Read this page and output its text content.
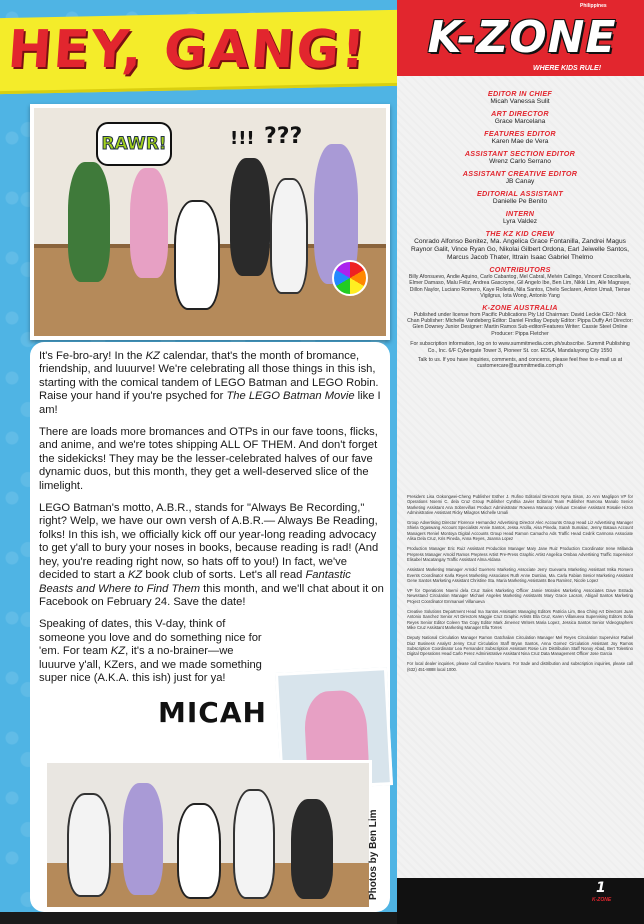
HEY, GANG!
RAWR!	!!! ???

It's Fe-bro-ary! In the KZ calendar, that's the month of bromance, friendship, and luuurve! We're celebrating all those things in this ish, starting with the comical tandem of LEGO Batman and LEGO Robin. Raise your hand if you're psyched for The LEGO Batman Movie like I am!

There are loads more bromances and OTPs in our fave toons, flicks, and anime, and we're totes shipping ALL OF THEM. And don't forget the sidekicks! They may be the lesser-celebrated halves of our fave dynamic duos, but this month, they get a well-deserved slice of the limelight.

LEGO Batman's motto, A.B.R., stands for "Always Be Recording," right? Welp, we have our own versh of A.B.R.— Always Be Reading, folks! In this ish, we officially kick off our year-long reading advocacy to get y'all to bury your noses in books, because reading is rad! (And hey, you're reading right now, so hats off to you!) In fact, we've decided to start a KZ book club of sorts. Let's all read Fantastic Beasts and Where to Find Them this month, and we'll chat about it on Facebook on February 24. Save the date!

Speaking of dates, this V-day, think of someone you love and do something nice for 'em. For team KZ, it's a no-brainer—we luuurve y'all, KZers, and we made something super nice (A.K.A. this ish) just for ya!

MICAH
Photos by Ben Lim
Philippines
K-ZONE
WHERE KIDS RULE!
EDITOR IN CHIEF
Micah Vanessa Sulit
ART DIRECTOR
Grace Marcelana
FEATURES EDITOR
Karen Mae de Vera
ASSISTANT SECTION EDITOR
Wrenz Carlo Serrano
ASSISTANT CREATIVE EDITOR
JB Canay
EDITORIAL ASSISTANT
Danielle Pe Benito
INTERN
Lyra Valdez
THE KZ KID CREW
Conrado Alfonso Benitez, Ma. Angelica Grace Fontanilla, Zandrei Magus Raynor Galit, Vince Ryan Go, Nikolai Gilbert Ordona, Earl Jeiwelle Santos, Marcus Jacob Thater, Ittrain Isaac Gabriel Thelmo
CONTRIBUTORS
Billy Afonsuevo, Andie Aquino, Carlo Cabantog, Mel Cabral, Melvin Calingo, Vincent Coscolluela, Elmer Damaso, Malu Feliz, Andrea Gascoyne, Gil Angelo Ibe, Ben Lim, Nikki Lim, Aile Magnaye, Dillon Naylor, Luciano Romero, Kaye Rolleda, Nila Santos, Chelo Seclaren, Anton Umali, Tiense Vigilgrus, Iota Wong, Antonio Yang
K-ZONE AUSTRALIA
Published under license from Pacific Publications Pty Ltd Chairman: David Leckie CEO: Nick Chan Publisher: Michelle Vandeberg Editor: Daniel Findlay Deputy Editor: Pippa Duffy Art Director: Glen Downey Junior Designer: Martin Ramos Sub-editor/Features Writer: Cassie Steel Online Producer: Pippa Fletcher
For subscription information, log on to www.summitmedia.com.ph/subscribe. Summit Publishing Co., Inc. 6/F Cybergate Tower 3, Pioneer St. cor. EDSA, Mandaluyong City 1550
Talk to us. If you have inquiries, comments, and concerns, please feel free to e-mail us at customercare@summitmedia.com.ph

President Lisa Gokongwei-Cheng Publisher Esther J. Rufino Editorial Directors Nyna Sison, Jo Ann Maglipon VP for Operations Noemi C. dela Cruz Group Publisher Cynthia Javier Editorial Team Publisher Ramona Manalo Senior Marketing Assistant Ana Sobreviñas Product Administrator Rowena Manacop Vinluan Creative Assistant Rosalie Hizon Administrative Assistant Ricky Milagros Michelle Umali

Group Advertising Director Florence Hernandez Advertising Director Alec Accounts Group Head Liz Advertising Manager Shiela Ogaswang Account Specialists Annie Santos, Jessa Arcilla, Aisa Pineda, Sarah Sumalac, Jenny Bataua Account Managers Reniel Montoya Digital Accounts Group Head Ramon Camacho Ads Traffic Head Cedrik Carmona Associate Alisa Dela Cruz, Kris Pineda, Anna Reyes, Joanna Lopez

Production Manager Eric Ruiz Assistant Production Manager Mary Jane Ruiz Production Coordinator Irene Millanda Prepress Manager Arnold Ramos Prepress Artist Pre-Press Graphic Artist Angelica Ombao Advertising Traffic Supervisor Elisabel Macatangay Traffic Assistant Alma Aldana

Assistant Marketing Manager Arnold Guerrero Marketing Associate Jerry Guevarra Marketing Assistant Mika Romero Events Coordinator Karla Reyes Marketing Associates Ruth Anne Dumlao, Ma. Carla Fabian Senior Marketing Assistant Gene Santos Marketing Assistant Christine Sta. Maria Marketing Assistants Bea Ramirez, Nicole Lopez

VP for Operations Noemi dela Cruz Sales Marketing Officer Jamie Morales Marketing Associates Dave Estrada Newsstand Circulation Manager Michael Angeles Marketing Assistants Mary Grace Lacson, Abigail Santos Marketing Project Coordinator Emmanuel Villanueva

Creative Solutions Department Head Ina Santos Assistant Managing Editors Patricia Lim, Bea Ching Art Directors Juan Antonio Sanchez Senior Art Directors Maggie Cruz Graphic Artists Ella Cruz, Karen Villanueva Supervising Editors Sofia Reyes Senior Editor Coleen Tan Copy Editor Mark Jimenez Writers Maria Lopez, Jessica Santos Senior Videographers Mike Cruz Assistant Marketing Manager Ella Torres

Deputy National Circulation Manager Ramon Gatchalian Circulation Manager Mel Reyes Circulation Supervisor Rafael Diaz Business Analyst Jenny Cruz Circulation Staff Bryan Santos, Anna Gomez Circulation Assistant Joy Ramos Subscription Coordinator Lea Fernandez Subscription Assistant Rosie Lim Distribution Staff Nonoy Abad, Bert Tolentino Digital Operations Head Carlo Perez Administrative Assistant Nina Cruz Data Management Officer Jose Garcia

For local dealer inquiries, please call Caroline Navarro. For trade and distribution and subscription inquiries, please call (632) 451-8888 local 1000.

1
K-ZONE
